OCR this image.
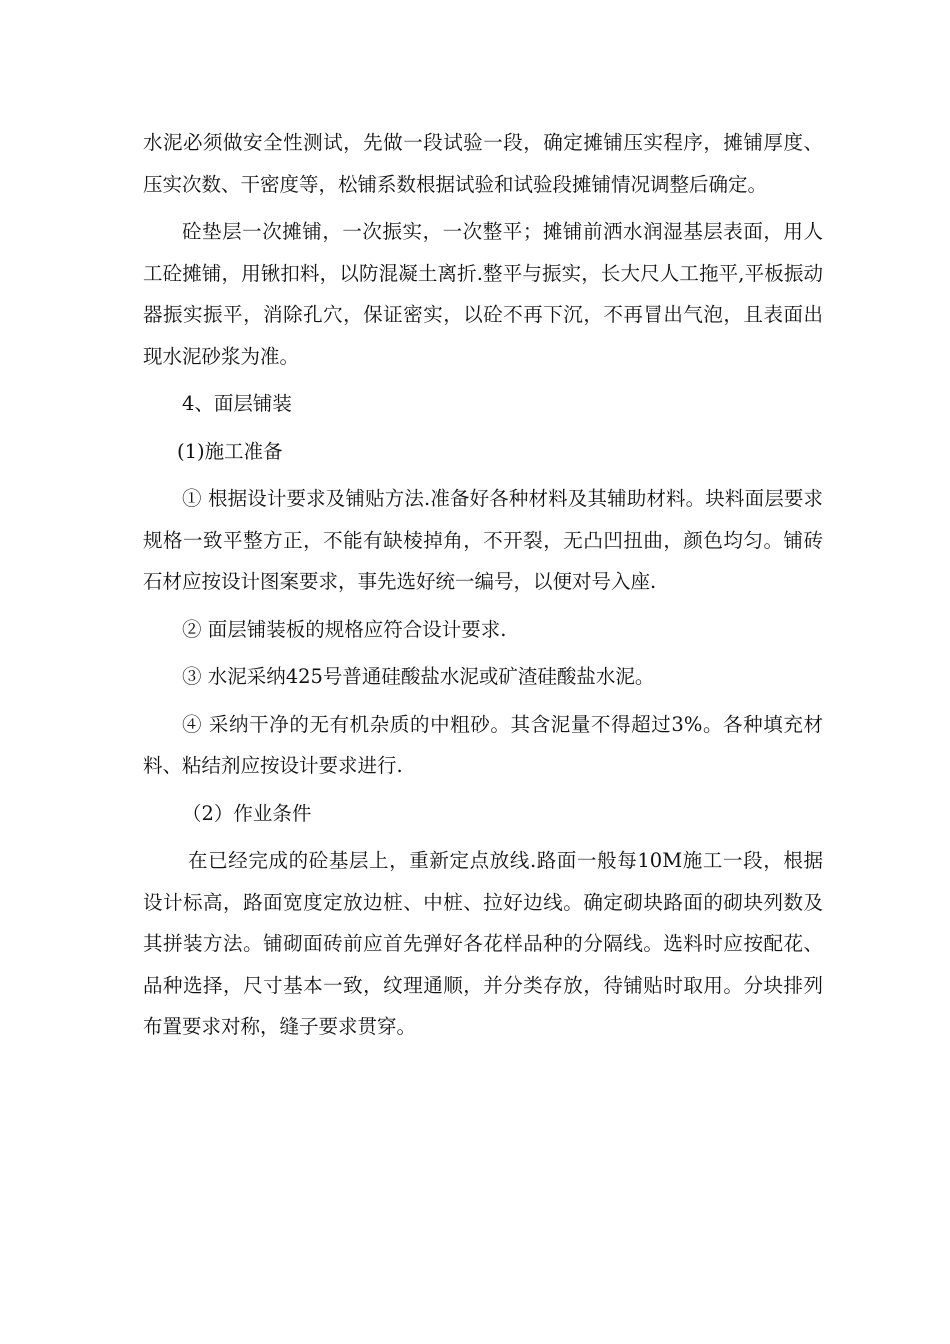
水泥必须做安全性测试，先做一段试验一段，确定摊铺压实程序，摊铺厚度、压实次数、干密度等，松铺系数根据试验和试验段摊铺情况调整后确定。

砼垫层一次摊铺，一次振实，一次整平；摊铺前洒水润湿基层表面，用人工砼摊铺，用锹扣料，以防混凝土离折.整平与振实，长大尺人工拖平,平板振动器振实振平，消除孔穴，保证密实，以砼不再下沉，不再冒出气泡，且表面出现水泥砂浆为准。

4、面层铺装

(1)施工准备

① 根据设计要求及铺贴方法.准备好各种材料及其辅助材料。块料面层要求规格一致平整方正，不能有缺棱掉角，不开裂，无凸凹扭曲，颜色均匀。铺砖石材应按设计图案要求，事先选好统一编号，以便对号入座.

② 面层铺装板的规格应符合设计要求.

③ 水泥采纳425号普通硅酸盐水泥或矿渣硅酸盐水泥。

④ 采纳干净的无有机杂质的中粗砂。其含泥量不得超过3%。各种填充材料、粘结剂应按设计要求进行.

（2）作业条件

在已经完成的砼基层上，重新定点放线.路面一般每10M施工一段，根据设计标高，路面宽度定放边桩、中桩、拉好边线。确定砌块路面的砌块列数及其拼装方法。铺砌面砖前应首先弹好各花样品种的分隔线。选料时应按配花、品种选择，尺寸基本一致，纹理通顺，并分类存放，待铺贴时取用。分块排列布置要求对称，缝子要求贯穿。
